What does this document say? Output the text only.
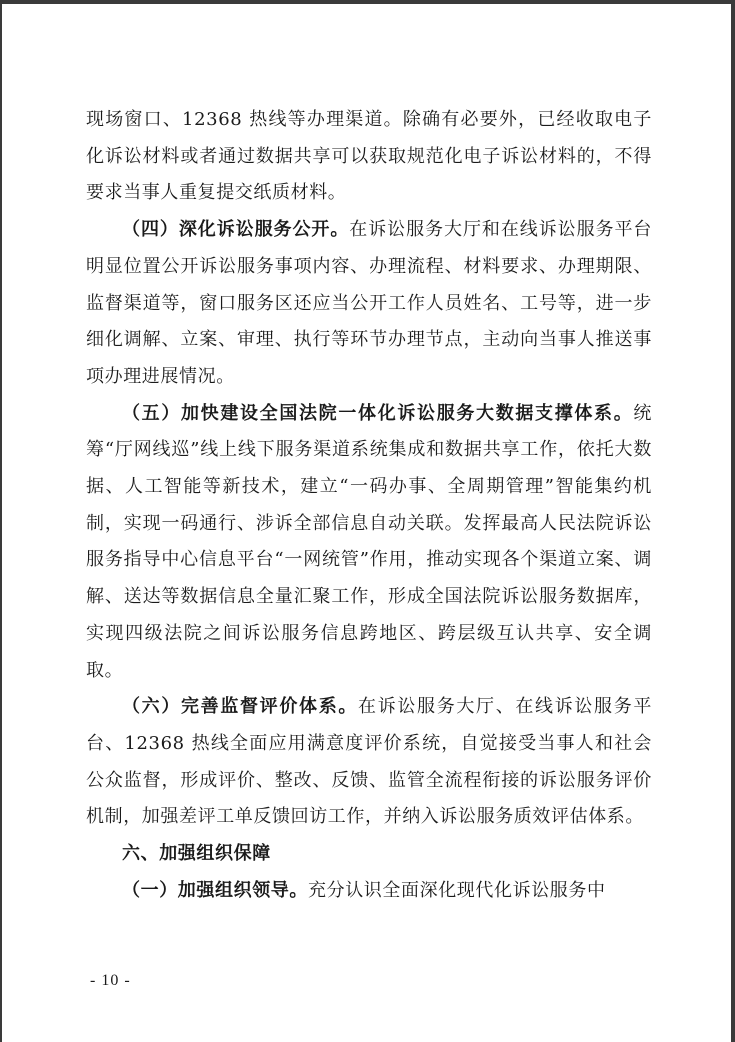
现场窗口、12368 热线等办理渠道。除确有必要外，已经收取电子化诉讼材料或者通过数据共享可以获取规范化电子诉讼材料的，不得要求当事人重复提交纸质材料。

（四）深化诉讼服务公开。在诉讼服务大厅和在线诉讼服务平台明显位置公开诉讼服务事项内容、办理流程、材料要求、办理期限、监督渠道等，窗口服务区还应当公开工作人员姓名、工号等，进一步细化调解、立案、审理、执行等环节办理节点，主动向当事人推送事项办理进展情况。

（五）加快建设全国法院一体化诉讼服务大数据支撑体系。统筹“厅网线巡”线上线下服务渠道系统集成和数据共享工作，依托大数据、人工智能等新技术，建立“一码办事、全周期管理”智能集约机制，实现一码通行、涉诉全部信息自动关联。发挥最高人民法院诉讼服务指导中心信息平台“一网统管”作用，推动实现各个渠道立案、调解、送达等数据信息全量汇聚工作，形成全国法院诉讼服务数据库，实现四级法院之间诉讼服务信息跨地区、跨层级互认共享、安全调取。

（六）完善监督评价体系。在诉讼服务大厅、在线诉讼服务平台、12368 热线全面应用满意度评价系统，自觉接受当事人和社会公众监督，形成评价、整改、反馈、监管全流程衔接的诉讼服务评价机制，加强差评工单反馈回访工作，并纳入诉讼服务质效评估体系。

六、加强组织保障

（一）加强组织领导。充分认识全面深化现代化诉讼服务中

- 10 -
